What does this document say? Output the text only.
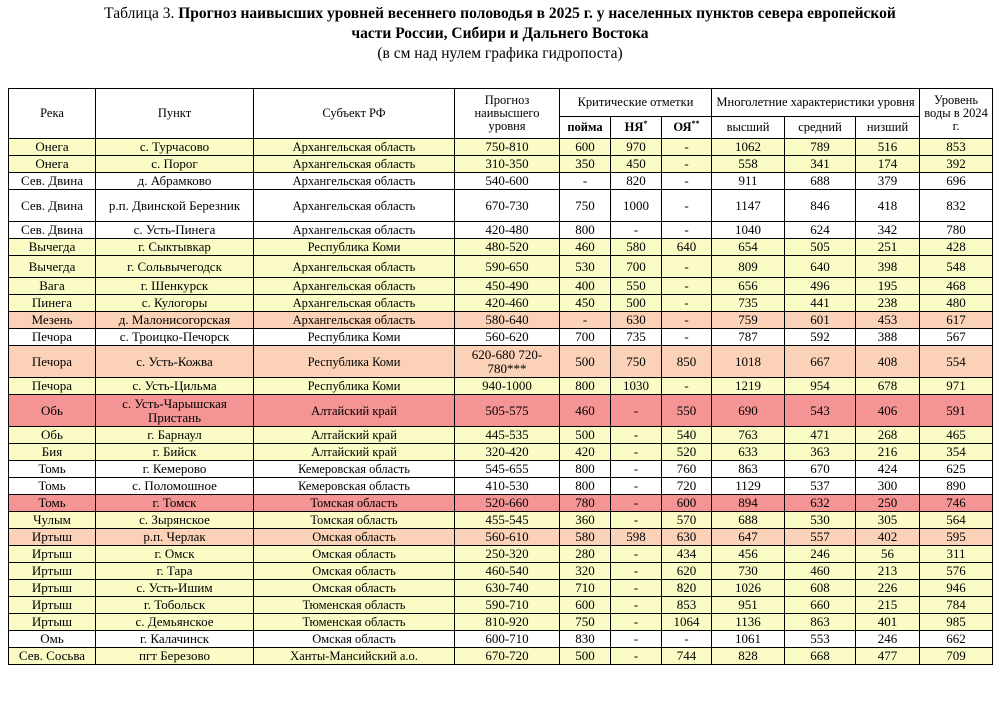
Таблица 3. Прогноз наивысших уровней весеннего половодья в 2025 г. у населенных пунктов севера европейской
части России, Сибири и Дальнего Востока
(в см над нулем графика гидропоста)
Река	Пункт	Субъект РФ	Прогноз наивысшего уровня	Критические отметки			Многолетние характеристики уровня			Уровень воды в 2024 г.
				пойма	НЯ*	ОЯ**	высший	средний	низший	
Онега	с. Турчасово	Архангельская область	750-810	600	970	-	1062	789	516	853
Онега	с. Порог	Архангельская область	310-350	350	450	-	558	341	174	392
Сев. Двина	д. Абрамково	Архангельская область	540-600	-	820	-	911	688	379	696
Сев. Двина	р.п. Двинской Березник	Архангельская область	670-730	750	1000	-	1147	846	418	832
Сев. Двина	с. Усть-Пинега	Архангельская область	420-480	800	-	-	1040	624	342	780
Вычегда	г. Сыктывкар	Республика Коми	480-520	460	580	640	654	505	251	428
Вычегда	г. Сольвычегодск	Архангельская область	590-650	530	700	-	809	640	398	548
Вага	г. Шенкурск	Архангельская область	450-490	400	550	-	656	496	195	468
Пинега	с. Кулогоры	Архангельская область	420-460	450	500	-	735	441	238	480
Мезень	д. Малонисогорская	Архангельская область	580-640	-	630	-	759	601	453	617
Печора	с. Троицко-Печорск	Республика Коми	560-620	700	735	-	787	592	388	567
Печора	с. Усть-Кожва	Республика Коми	620-680 720-780***	500	750	850	1018	667	408	554
Печора	с. Усть-Цильма	Республика Коми	940-1000	800	1030	-	1219	954	678	971
Обь	с. Усть-Чарышская Пристань	Алтайский край	505-575	460	-	550	690	543	406	591
Обь	г. Барнаул	Алтайский край	445-535	500	-	540	763	471	268	465
Бия	г. Бийск	Алтайский край	320-420	420	-	520	633	363	216	354
Томь	г. Кемерово	Кемеровская область	545-655	800	-	760	863	670	424	625
Томь	с. Поломошное	Кемеровская область	410-530	800	-	720	1129	537	300	890
Томь	г. Томск	Томская область	520-660	780	-	600	894	632	250	746
Чулым	с. Зырянское	Томская область	455-545	360	-	570	688	530	305	564
Иртыш	р.п. Черлак	Омская область	560-610	580	598	630	647	557	402	595
Иртыш	г. Омск	Омская область	250-320	280	-	434	456	246	56	311
Иртыш	г. Тара	Омская область	460-540	320	-	620	730	460	213	576
Иртыш	с. Усть-Ишим	Омская область	630-740	710	-	820	1026	608	226	946
Иртыш	г. Тобольск	Тюменская область	590-710	600	-	853	951	660	215	784
Иртыш	с. Демьянское	Тюменская область	810-920	750	-	1064	1136	863	401	985
Омь	г. Калачинск	Омская область	600-710	830	-	-	1061	553	246	662
Сев. Сосьва	пгт Березово	Ханты-Мансийский а.о.	670-720	500	-	744	828	668	477	709
